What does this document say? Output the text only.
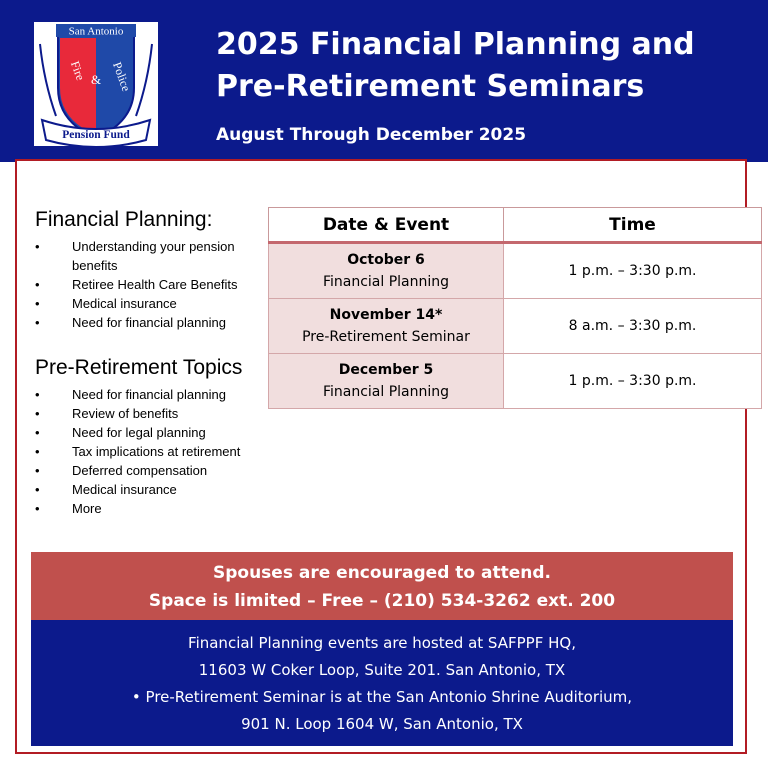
San Antonio
Fire & Police
Pension Fund
2025 Financial Planning and
Pre-Retirement Seminars
August Through December 2025
Financial Planning:
• Understanding your pension benefits
• Retiree Health Care Benefits
• Medical insurance
• Need for financial planning
Pre-Retirement Topics
• Need for financial planning
• Review of benefits
• Need for legal planning
• Tax implications at retirement
• Deferred compensation
• Medical insurance
• More
Date & Event	Time

October 6
Financial Planning	1 p.m. – 3:30 p.m.

November 14*
Pre-Retirement Seminar	8 a.m. – 3:30 p.m.

December 5
Financial Planning	1 p.m. – 3:30 p.m.
Spouses are encouraged to attend.
Space is limited – Free – (210) 534-3262 ext. 200
Financial Planning events are hosted at SAFPPF HQ,
11603 W Coker Loop, Suite 201. San Antonio, TX
• Pre-Retirement Seminar is at the San Antonio Shrine Auditorium,
901 N. Loop 1604 W, San Antonio, TX
